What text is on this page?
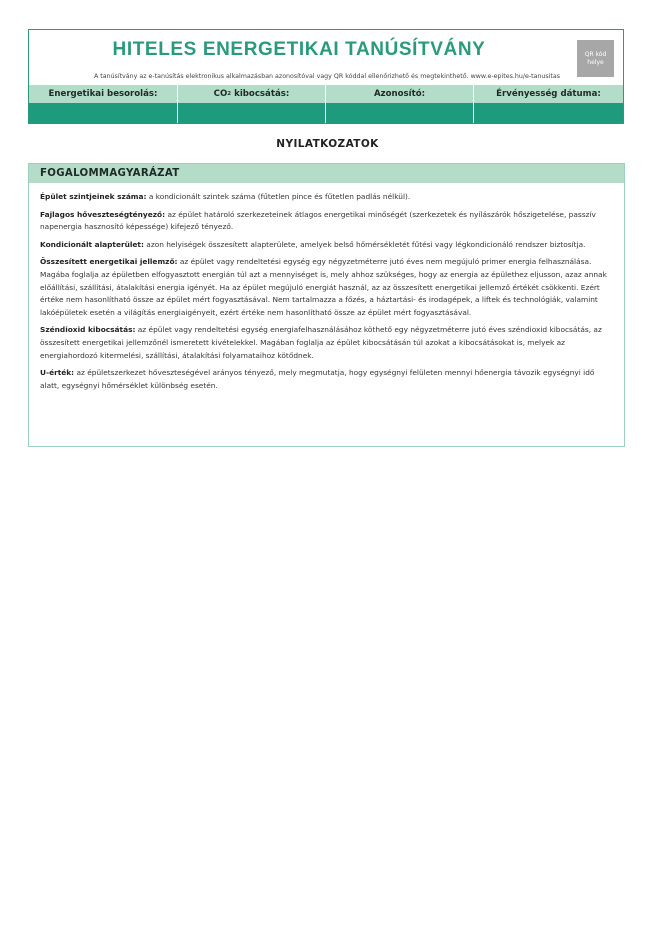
HITELES ENERGETIKAI TANÚSÍTVÁNY
A tanúsítvány az e-tanúsítás elektronikus alkalmazásban azonosítóval vagy QR kóddal ellenőrizhető és megtekinthető. www.e-epites.hu/e-tanusitas
QR kód helye
Energetikai besorolás:	CO 2 kibocsátás:	Azonosító:	Érvényesség dátuma:
NYILATKOZATOK
FOGALOMMAGYARÁZAT

Épület szintjeinek száma: a kondicionált szintek száma (fűtetlen pince és fűtetlen padlás nélkül).

Fajlagos hőveszteségtényező: az épület határoló szerkezeteinek átlagos energetikai minőségét (szerkezetek és nyílászárók hőszigetelése, passzív napenergia hasznosító képessége) kifejező tényező.

Kondicionált alapterület: azon helyiségek összesített alapterülete, amelyek belső hőmérsékletét fűtési vagy légkondicionáló rendszer biztosítja.

Összesített energetikai jellemző: az épület vagy rendeltetési egység egy négyzetméterre jutó éves nem megújuló primer energia felhasználása. Magába foglalja az épületben elfogyasztott energián túl azt a mennyiséget is, mely ahhoz szükséges, hogy az energia az épülethez eljusson, azaz annak előállítási, szállítási, átalakítási energia igényét. Ha az épület megújuló energiát használ, az az összesített energetikai jellemző értékét csökkenti. Ezért értéke nem hasonlítható össze az épület mért fogyasztásával. Nem tartalmazza a főzés, a háztartási- és irodagépek, a liftek és technológiák, valamint lakóépületek esetén a világítás energiaigényeit, ezért értéke nem hasonlítható össze az épület mért fogyasztásával.

Széndioxid kibocsátás: az épület vagy rendeltetési egység energiafelhasználásához köthető egy négyzetméterre jutó éves széndioxid kibocsátás, az összesített energetikai jellemzőnél ismeretett kivételekkel. Magában foglalja az épület kibocsátásán túl azokat a kibocsátásokat is, melyek az energiahordozó kitermelési, szállítási, átalakítási folyamataihoz kötődnek.

U-érték: az épületszerkezet hőveszteségével arányos tényező, mely megmutatja, hogy egységnyi felületen mennyi hőenergia távozik egységnyi idő alatt, egységnyi hőmérséklet különbség esetén.
